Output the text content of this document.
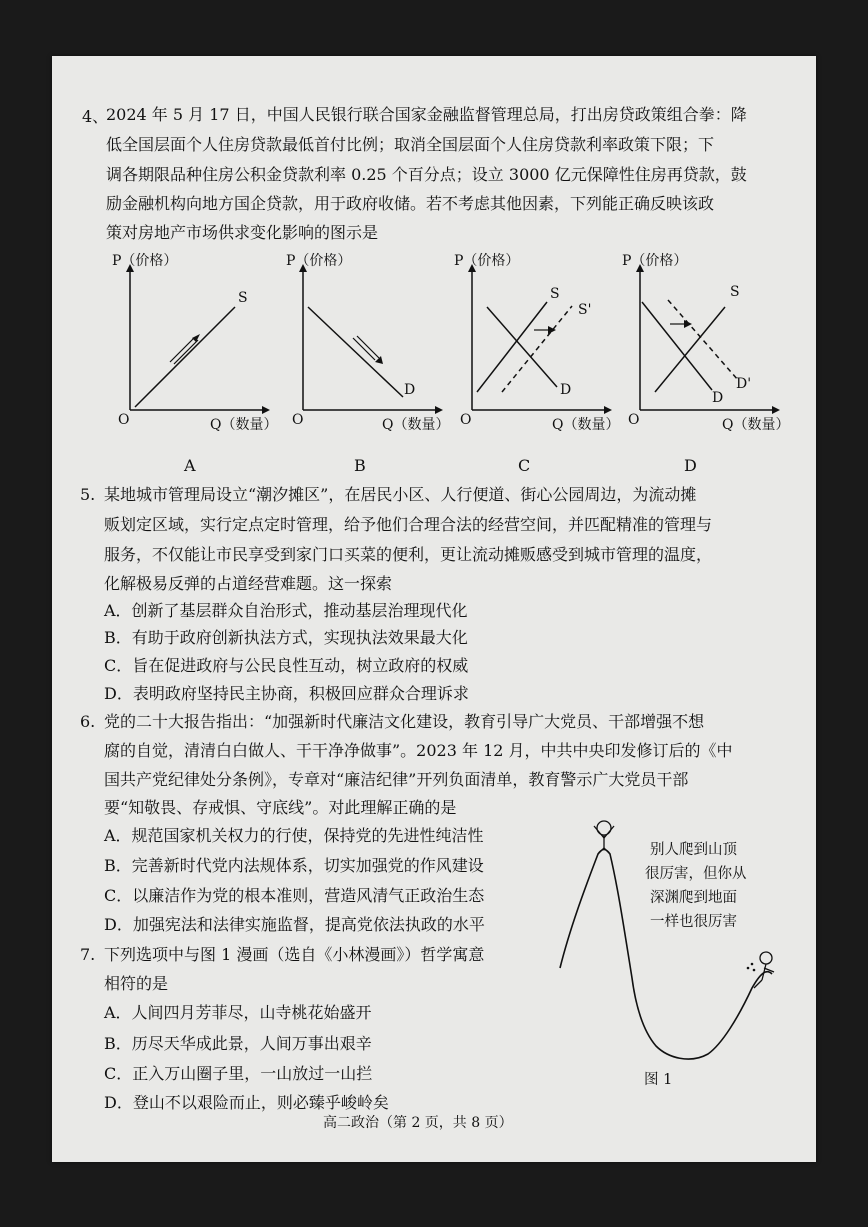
4、
2024 年 5 月 17 日，中国人民银行联合国家金融监督管理总局，打出房贷政策组合拳：降
低全国层面个人住房贷款最低首付比例；取消全国层面个人住房贷款利率政策下限；下
调各期限品种住房公积金贷款利率 0.25 个百分点；设立 3000 亿元保障性住房再贷款，鼓
励金融机构向地方国企贷款，用于政府收储。若不考虑其他因素，下列能正确反映该政
策对房地产市场供求变化影响的图示是
P（价格）
S
O	Q（数量）
A
P（价格）
D
O	Q（数量）
B
P（价格）
S
S'
D
O	Q（数量）
C
P（价格）
S
D'
D
O	Q（数量）
D
5. 某地城市管理局设立“潮汐摊区”，在居民小区、人行便道、街心公园周边，为流动摊
贩划定区域，实行定点定时管理，给予他们合理合法的经营空间，并匹配精准的管理与
服务，不仅能让市民享受到家门口买菜的便利，更让流动摊贩感受到城市管理的温度，
化解极易反弹的占道经营难题。这一探索
A．创新了基层群众自治形式，推动基层治理现代化
B．有助于政府创新执法方式，实现执法效果最大化
C．旨在促进政府与公民良性互动，树立政府的权威
D．表明政府坚持民主协商，积极回应群众合理诉求
6. 党的二十大报告指出：“加强新时代廉洁文化建设，教育引导广大党员、干部增强不想
腐的自觉，清清白白做人、干干净净做事”。2023 年 12 月，中共中央印发修订后的《中
国共产党纪律处分条例》，专章对“廉洁纪律”开列负面清单，教育警示广大党员干部
要“知敬畏、存戒惧、守底线”。对此理解正确的是
A．规范国家机关权力的行使，保持党的先进性纯洁性
B．完善新时代党内法规体系，切实加强党的作风建设
C．以廉洁作为党的根本准则，营造风清气正政治生态
D．加强宪法和法律实施监督，提高党依法执政的水平
7. 下列选项中与图 1 漫画（选自《小林漫画》）哲学寓意
相符的是
A．人间四月芳菲尽，山寺桃花始盛开
B．历尽天华成此景，人间万事出艰辛
C．正入万山圈子里，一山放过一山拦
D．登山不以艰险而止，则必臻乎峻岭矣
别人爬到山顶
很厉害，但你从
深渊爬到地面
一样也很厉害
图 1
高二政治（第 2 页，共 8 页）
